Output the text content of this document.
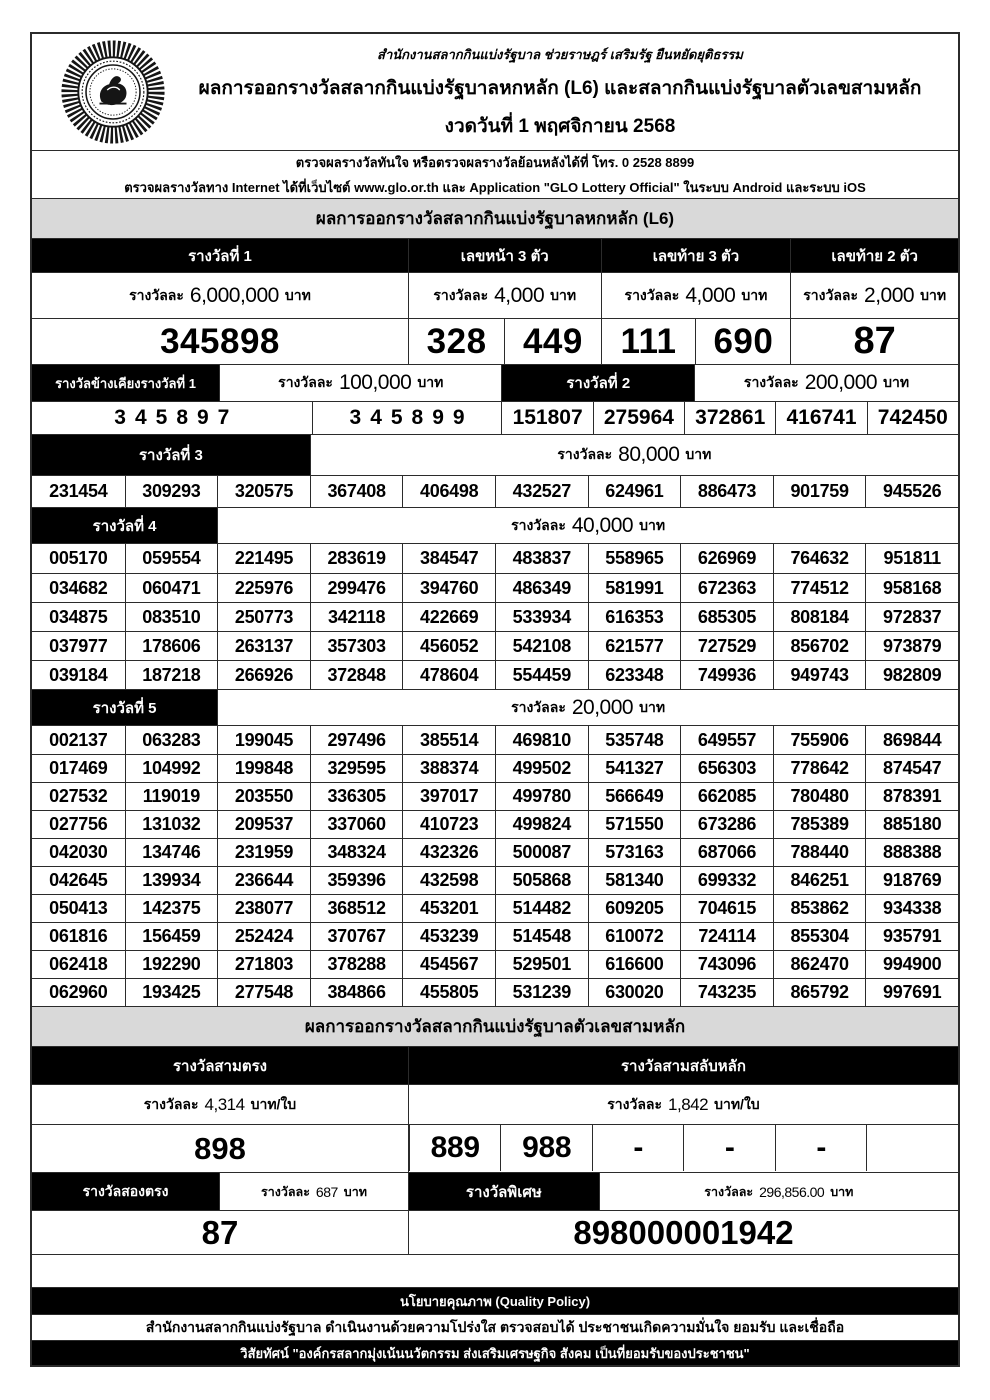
สำนักงานสลากกินแบ่งรัฐบาล ช่วยราษฎร์ เสริมรัฐ ยืนหยัดยุติธรรม
ผลการออกรางวัลสลากกินแบ่งรัฐบาลหกหลัก (L6) และสลากกินแบ่งรัฐบาลตัวเลขสามหลัก
งวดวันที่ 1 พฤศจิกายน 2568
ตรวจผลรางวัลทันใจ หรือตรวจผลรางวัลย้อนหลังได้ที่ โทร. 0 2528 8899
ตรวจผลรางวัลทาง Internet ได้ที่เว็บไซต์ www.glo.or.th และ Application "GLO Lottery Official" ในระบบ Android และระบบ iOS
ผลการออกรางวัลสลากกินแบ่งรัฐบาลหกหลัก (L6)
รางวัลที่ 1	เลขหน้า 3 ตัว	เลขท้าย 3 ตัว	เลขท้าย 2 ตัว
รางวัลละ 6,000,000 บาท	รางวัลละ 4,000 บาท	รางวัลละ 4,000 บาท	รางวัลละ 2,000 บาท
345898	328	449	111	690	87
รางวัลข้างเคียงรางวัลที่ 1	รางวัลละ 100,000 บาท	รางวัลที่ 2	รางวัลละ 200,000 บาท
345897	345899	151807	275964	372861	416741	742450
รางวัลที่ 3	รางวัลละ 80,000 บาท
231454	309293	320575	367408	406498	432527	624961	886473	901759	945526
รางวัลที่ 4	รางวัลละ 40,000 บาท
005170	059554	221495	283619	384547	483837	558965	626969	764632	951811
034682	060471	225976	299476	394760	486349	581991	672363	774512	958168
034875	083510	250773	342118	422669	533934	616353	685305	808184	972837
037977	178606	263137	357303	456052	542108	621577	727529	856702	973879
039184	187218	266926	372848	478604	554459	623348	749936	949743	982809
รางวัลที่ 5	รางวัลละ 20,000 บาท
002137	063283	199045	297496	385514	469810	535748	649557	755906	869844
017469	104992	199848	329595	388374	499502	541327	656303	778642	874547
027532	119019	203550	336305	397017	499780	566649	662085	780480	878391
027756	131032	209537	337060	410723	499824	571550	673286	785389	885180
042030	134746	231959	348324	432326	500087	573163	687066	788440	888388
042645	139934	236644	359396	432598	505868	581340	699332	846251	918769
050413	142375	238077	368512	453201	514482	609205	704615	853862	934338
061816	156459	252424	370767	453239	514548	610072	724114	855304	935791
062418	192290	271803	378288	454567	529501	616600	743096	862470	994900
062960	193425	277548	384866	455805	531239	630020	743235	865792	997691
ผลการออกรางวัลสลากกินแบ่งรัฐบาลตัวเลขสามหลัก
รางวัลสามตรง	รางวัลสามสลับหลัก
รางวัลละ 4,314 บาท/ใบ	รางวัลละ 1,842 บาท/ใบ
898	889	988	-	-	-
รางวัลสองตรง	รางวัลละ 687 บาท	รางวัลพิเศษ	รางวัลละ 296,856.00 บาท
87	898000001942
นโยบายคุณภาพ (Quality Policy)
สำนักงานสลากกินแบ่งรัฐบาล ดำเนินงานด้วยความโปร่งใส ตรวจสอบได้ ประชาชนเกิดความมั่นใจ ยอมรับ และเชื่อถือ
วิสัยทัศน์ "องค์กรสลากมุ่งเน้นนวัตกรรม ส่งเสริมเศรษฐกิจ สังคม เป็นที่ยอมรับของประชาชน"
